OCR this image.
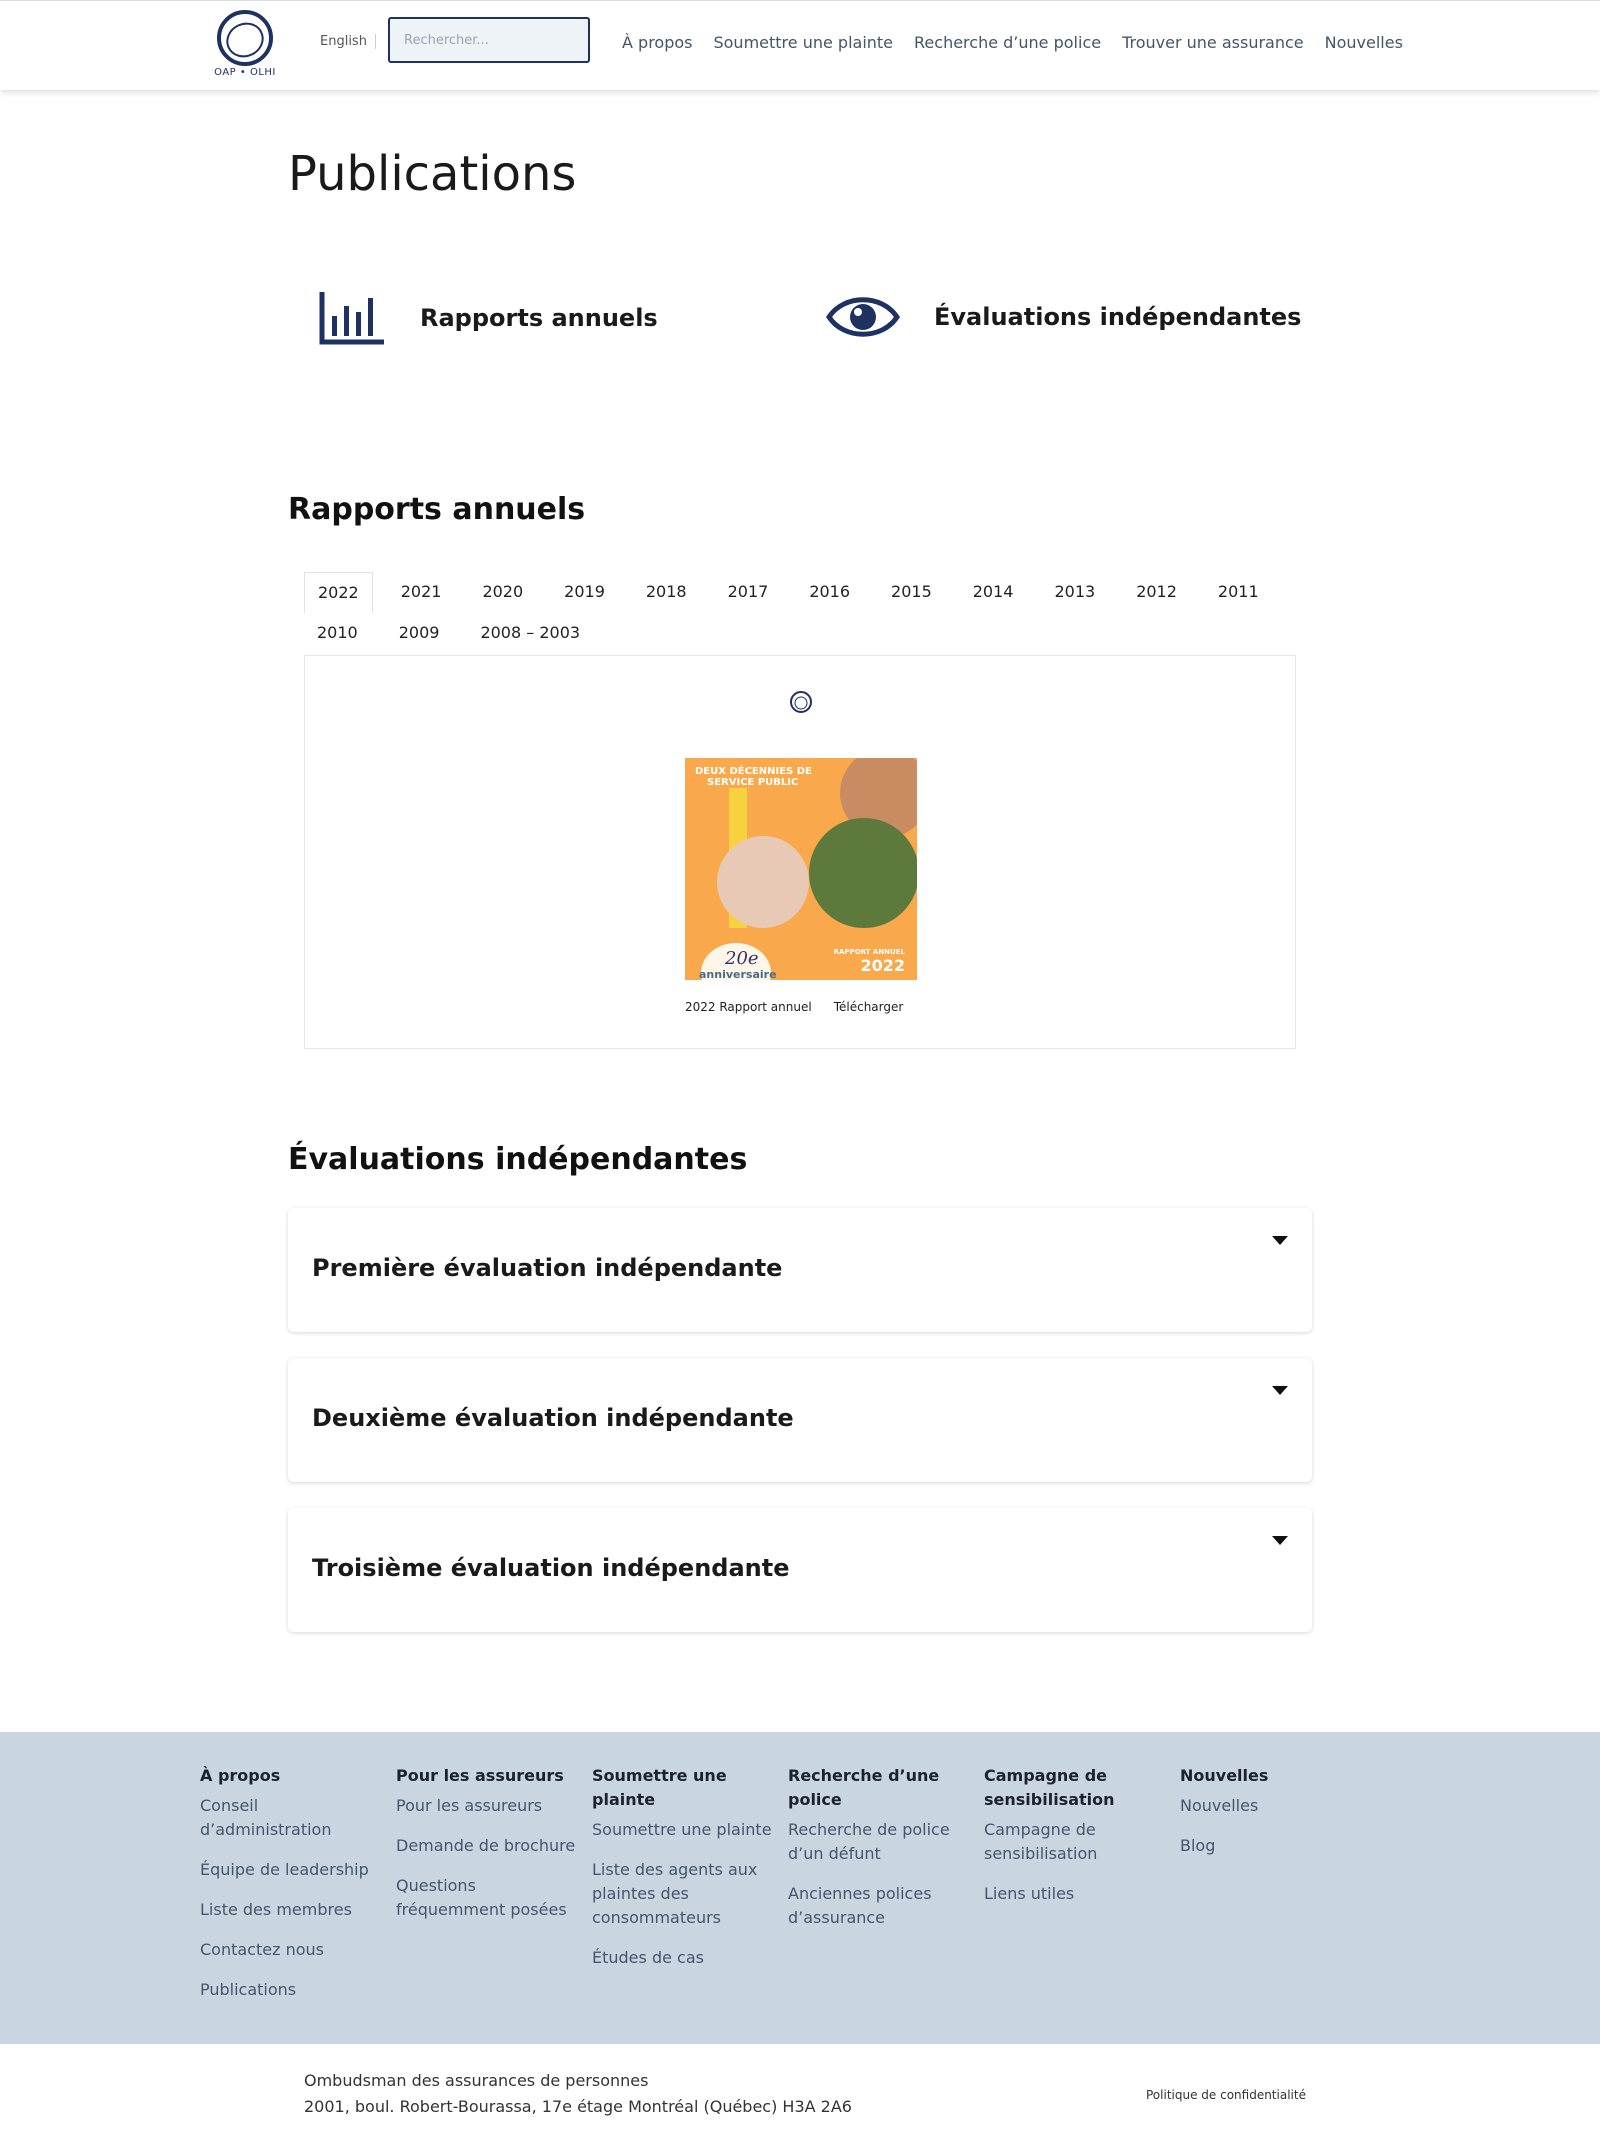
OAP • OLHI
English
Rechercher...	À propos Soumettre une plainte Recherche d’une police Trouver une assurance Nouvelles
Publications
Rapports annuels	Évaluations indépendantes
Rapports annuels
2022	2021	2020	2019	2018	2017	2016	2015	2014	2013	2012	2011
2010	2009	2008 – 2003
DEUX DÉCENNIES DE
SERVICE PUBLIC
20e
anniversaire
RAPPORT ANNUEL
2022
2022 Rapport annuel Télécharger
Évaluations indépendantes
Première évaluation indépendante
Deuxième évaluation indépendante
Troisième évaluation indépendante
À propos
Conseil d’administration
Équipe de leadership
Liste des membres
Contactez nous
Publications
Pour les assureurs
Pour les assureurs
Demande de brochure
Questions fréquemment posées
Soumettre une plainte
Soumettre une plainte
Liste des agents aux plaintes des consommateurs
Études de cas
Recherche d’une police
Recherche de police d’un défunt
Anciennes polices d’assurance
Campagne de sensibilisation
Campagne de sensibilisation
Liens utiles
Nouvelles
Nouvelles
Blog
Ombudsman des assurances de personnes
2001, boul. Robert-Bourassa, 17e étage Montréal (Québec) H3A 2A6
Politique de confidentialité
